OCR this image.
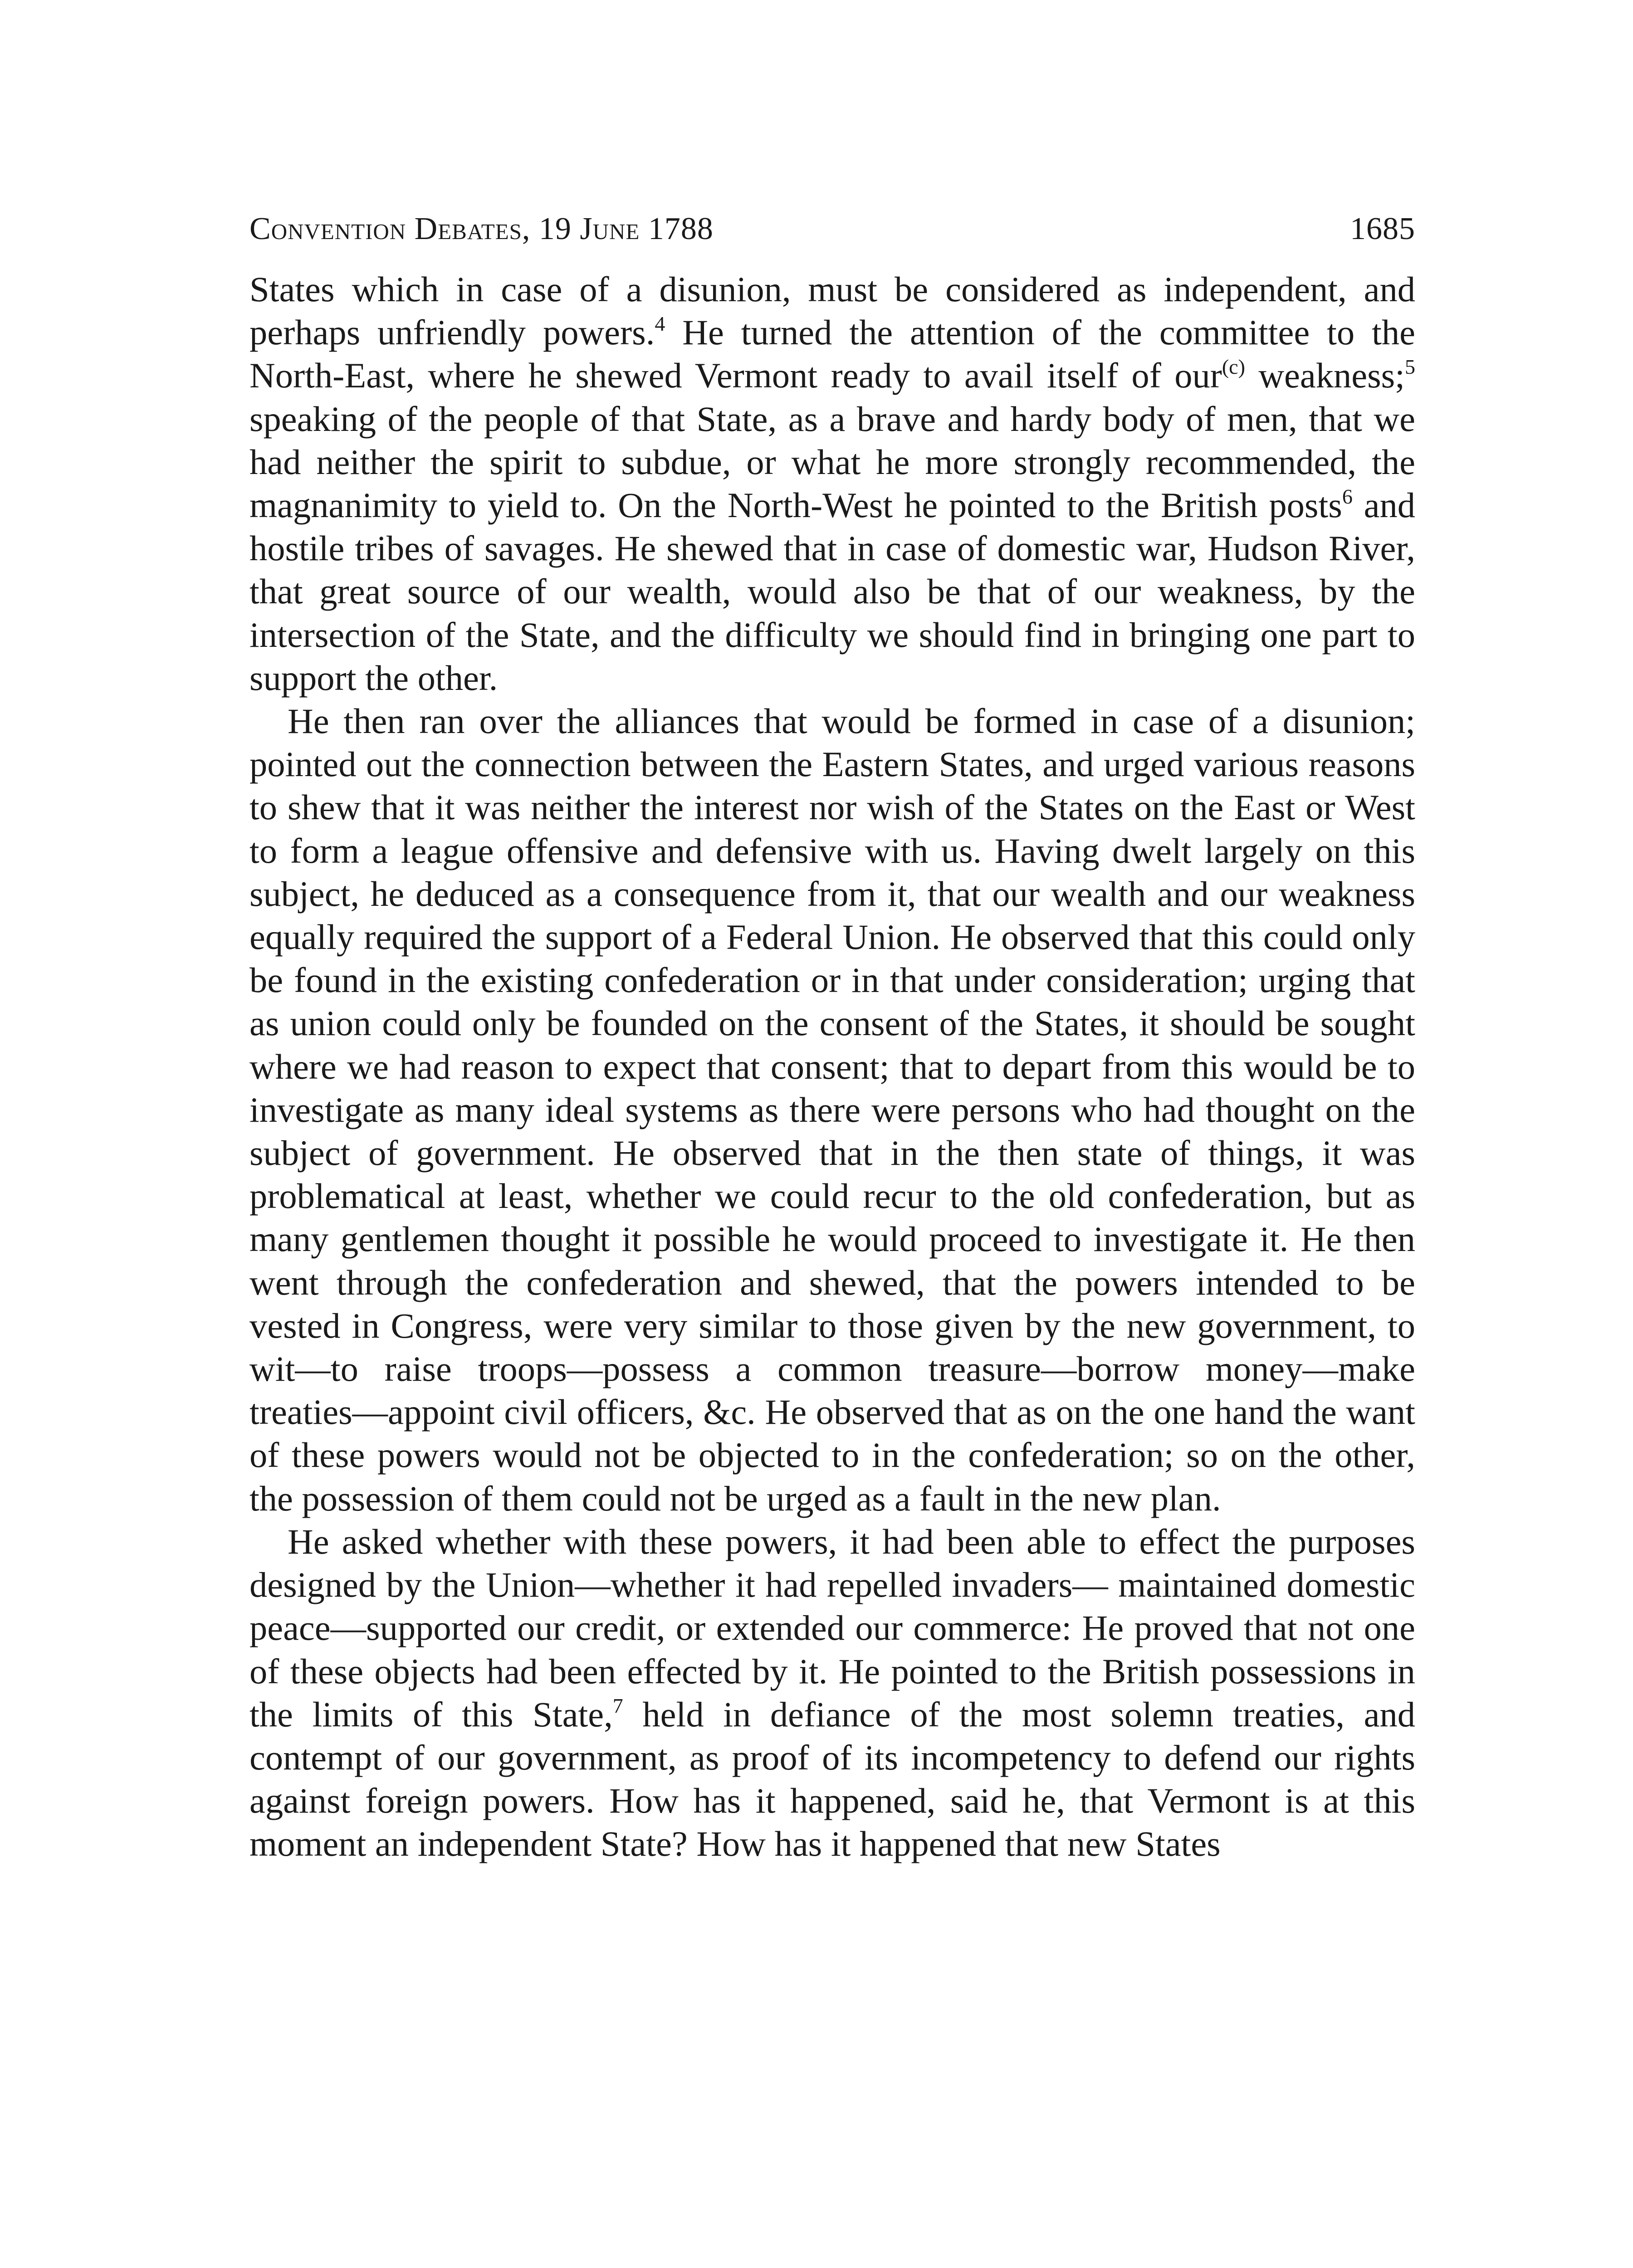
Convention Debates, 19 June 1788	1685

States which in case of a disunion, must be considered as independent, and perhaps unfriendly powers.$^4$ He turned the attention of the committee to the North-East, where he shewed Vermont ready to avail itself of our$^{(c)}$ weakness;$^5$ speaking of the people of that State, as a brave and hardy body of men, that we had neither the spirit to subdue, or what he more strongly recommended, the magnanimity to yield to. On the North-West he pointed to the British posts$^6$ and hostile tribes of savages. He shewed that in case of domestic war, Hudson River, that great source of our wealth, would also be that of our weakness, by the intersection of the State, and the difficulty we should find in bringing one part to support the other.

He then ran over the alliances that would be formed in case of a disunion; pointed out the connection between the Eastern States, and urged various reasons to shew that it was neither the interest nor wish of the States on the East or West to form a league offensive and defensive with us. Having dwelt largely on this subject, he deduced as a consequence from it, that our wealth and our weakness equally required the support of a Federal Union. He observed that this could only be found in the existing confederation or in that under consideration; urging that as union could only be founded on the consent of the States, it should be sought where we had reason to expect that consent; that to depart from this would be to investigate as many ideal systems as there were persons who had thought on the subject of government. He observed that in the then state of things, it was problematical at least, whether we could recur to the old confederation, but as many gentlemen thought it possible he would proceed to investigate it. He then went through the confederation and shewed, that the powers intended to be vested in Congress, were very similar to those given by the new government, to wit—to raise troops—possess a common treasure—borrow money—make treaties—appoint civil officers, &c. He observed that as on the one hand the want of these powers would not be objected to in the confederation; so on the other, the possession of them could not be urged as a fault in the new plan.

He asked whether with these powers, it had been able to effect the purposes designed by the Union—whether it had repelled invaders— maintained domestic peace—supported our credit, or extended our commerce: He proved that not one of these objects had been effected by it. He pointed to the British possessions in the limits of this State,$^7$ held in defiance of the most solemn treaties, and contempt of our government, as proof of its incompetency to defend our rights against foreign powers. How has it happened, said he, that Vermont is at this moment an independent State? How has it happened that new States
